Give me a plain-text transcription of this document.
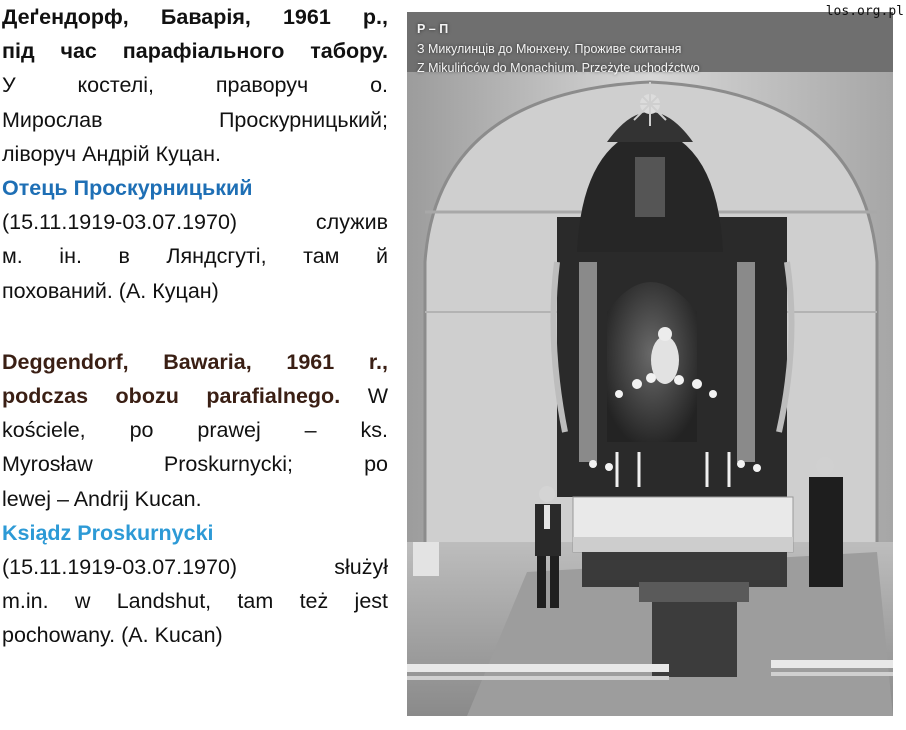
Деґендорф, Баварія, 1961 р.,
під час парафіального табору.
У костелі, праворуч о.
Мирослав Проскурницький;
ліворуч Андрій Куцан.

Отець Проскурницький

(15.11.1919-03.07.1970) служив
м. ін. в Ляндсгуті, там й
похований. (А. Куцан)
Deggendorf, Bawaria, 1961 r.,
podczas obozu parafialnego. W
kościele, po prawej – ks.
Myrosław Proskurnycki; po
lewej – Andrij Kucan.

Ksiądz Proskurnycki

(15.11.1919-03.07.1970) służył
m.in. w Landshut, tam też jest
pochowany. (A. Kucan)
Р – П
З Микулинців до Мюнхену. Проживе скитання
Z Mikulińców do Monachium. Przeżyte uchodźctwo
los.org.pl
